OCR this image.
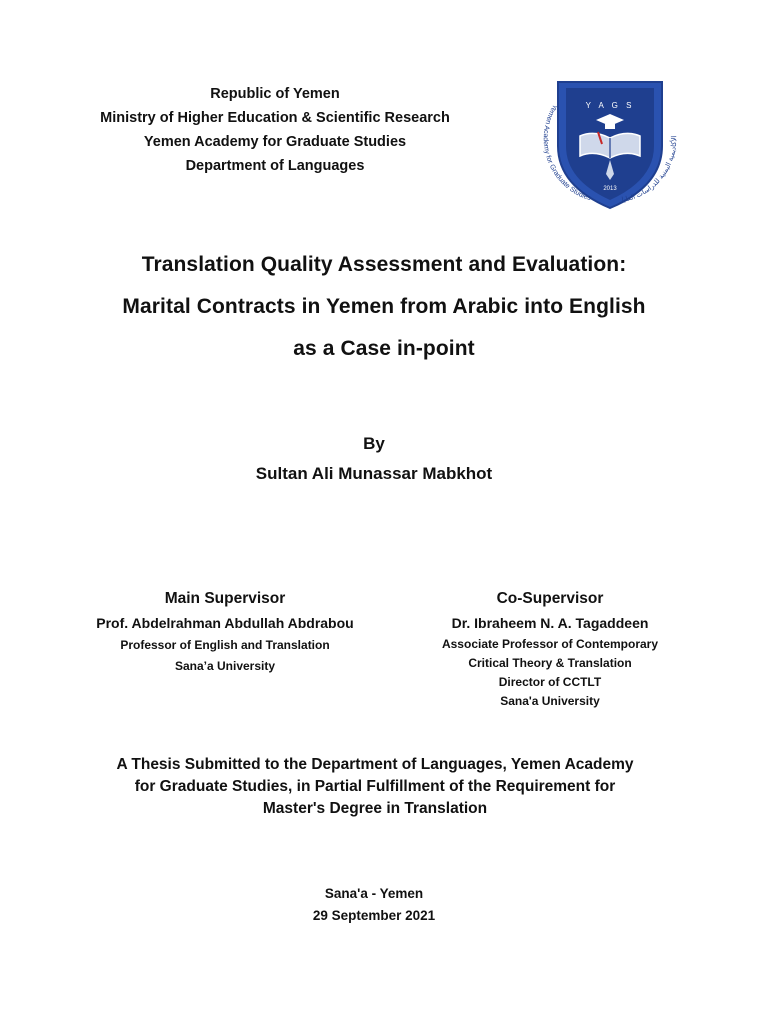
Republic of Yemen
Ministry of Higher Education & Scientific Research
Yemen Academy for Graduate Studies
Department of Languages
Y A G S
2013
Yemen Academy for Graduate Studies	الأكاديمية اليمنية للدراسات العليا
Translation Quality Assessment and Evaluation:
Marital Contracts in Yemen from Arabic into English
as a Case in-point
By
Sultan Ali Munassar Mabkhot
Main Supervisor
Prof. Abdelrahman Abdullah Abdrabou
Professor of English and Translation
Sana’a University
Co-Supervisor
Dr. Ibraheem N. A. Tagaddeen
Associate Professor of Contemporary
Critical Theory & Translation
Director of CCTLT
Sana'a University
A Thesis Submitted to the Department of Languages, Yemen Academy
for Graduate Studies, in Partial Fulfillment of the Requirement for
Master's Degree in Translation
Sana'a - Yemen
29 September 2021
